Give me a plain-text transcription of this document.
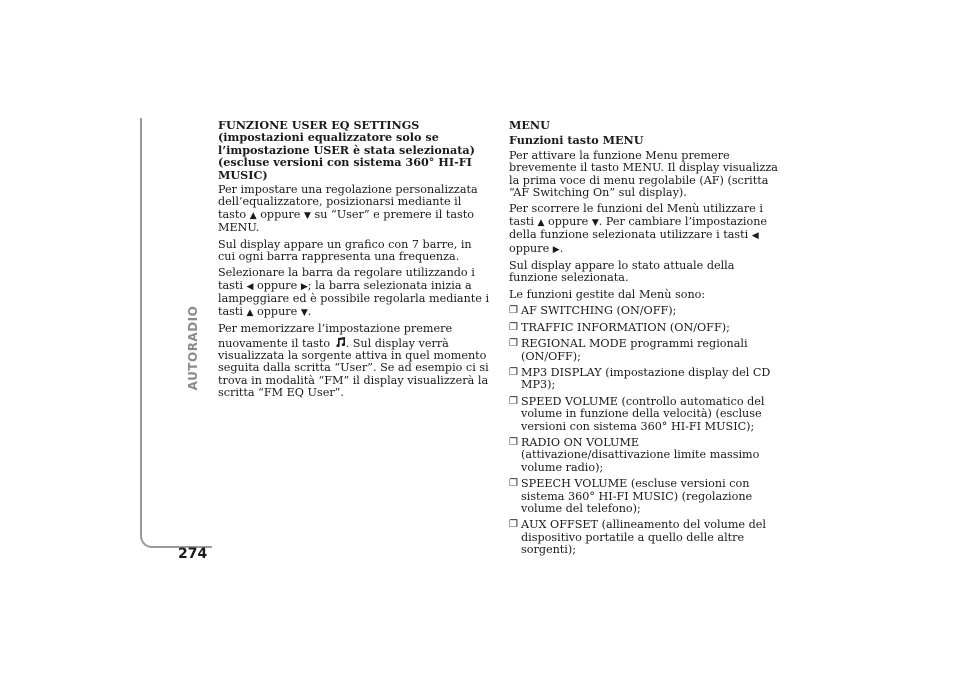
AUTORADIO
274
FUNZIONE USER EQ SETTINGS (impostazioni equalizzatore solo se l’impostazione USER è stata selezionata) (escluse versioni con sistema 360° HI-FI MUSIC)

Per impostare una regolazione personalizzata dell’equalizzatore, posizionarsi mediante il tasto ▲ oppure ▼ su “User” e premere il tasto MENU.

Sul display appare un grafico con 7 barre, in cui ogni barra rappresenta una frequenza.

Selezionare la barra da regolare utilizzando i tasti ◀ oppure ▶; la barra selezionata inizia a lampeggiare ed è possibile regolarla mediante i tasti ▲ oppure ▼.

Per memorizzare l’impostazione premere nuovamente il tasto . Sul display verrà visualizzata la sorgente attiva in quel momento seguita dalla scritta “User”. Se ad esempio ci si trova in modalità “FM” il display visualizzerà la scritta “FM EQ User”.

MENU
Funzioni tasto MENU

Per attivare la funzione Menu premere brevemente il tasto MENU. Il display visualizza la prima voce di menu regolabile (AF) (scritta “AF Switching On” sul display).

Per scorrere le funzioni del Menù utilizzare i tasti ▲ oppure ▼. Per cambiare l’impostazione della funzione selezionata utilizzare i tasti ◀ oppure ▶.

Sul display appare lo stato attuale della funzione selezionata.

Le funzioni gestite dal Menù sono:

❐ AF SWITCHING (ON/OFF);
❐ TRAFFIC INFORMATION (ON/OFF);
❐ REGIONAL MODE programmi regionali (ON/OFF);
❐ MP3 DISPLAY (impostazione display del CD MP3);
❐ SPEED VOLUME (controllo automatico del volume in funzione della velocità) (escluse versioni con sistema 360° HI-FI MUSIC);
❐ RADIO ON VOLUME (attivazione/disattivazione limite massimo volume radio);
❐ SPEECH VOLUME (escluse versioni con sistema 360° HI-FI MUSIC) (regolazione volume del telefono);
❐ AUX OFFSET (allineamento del volume del dispositivo portatile a quello delle altre sorgenti);
